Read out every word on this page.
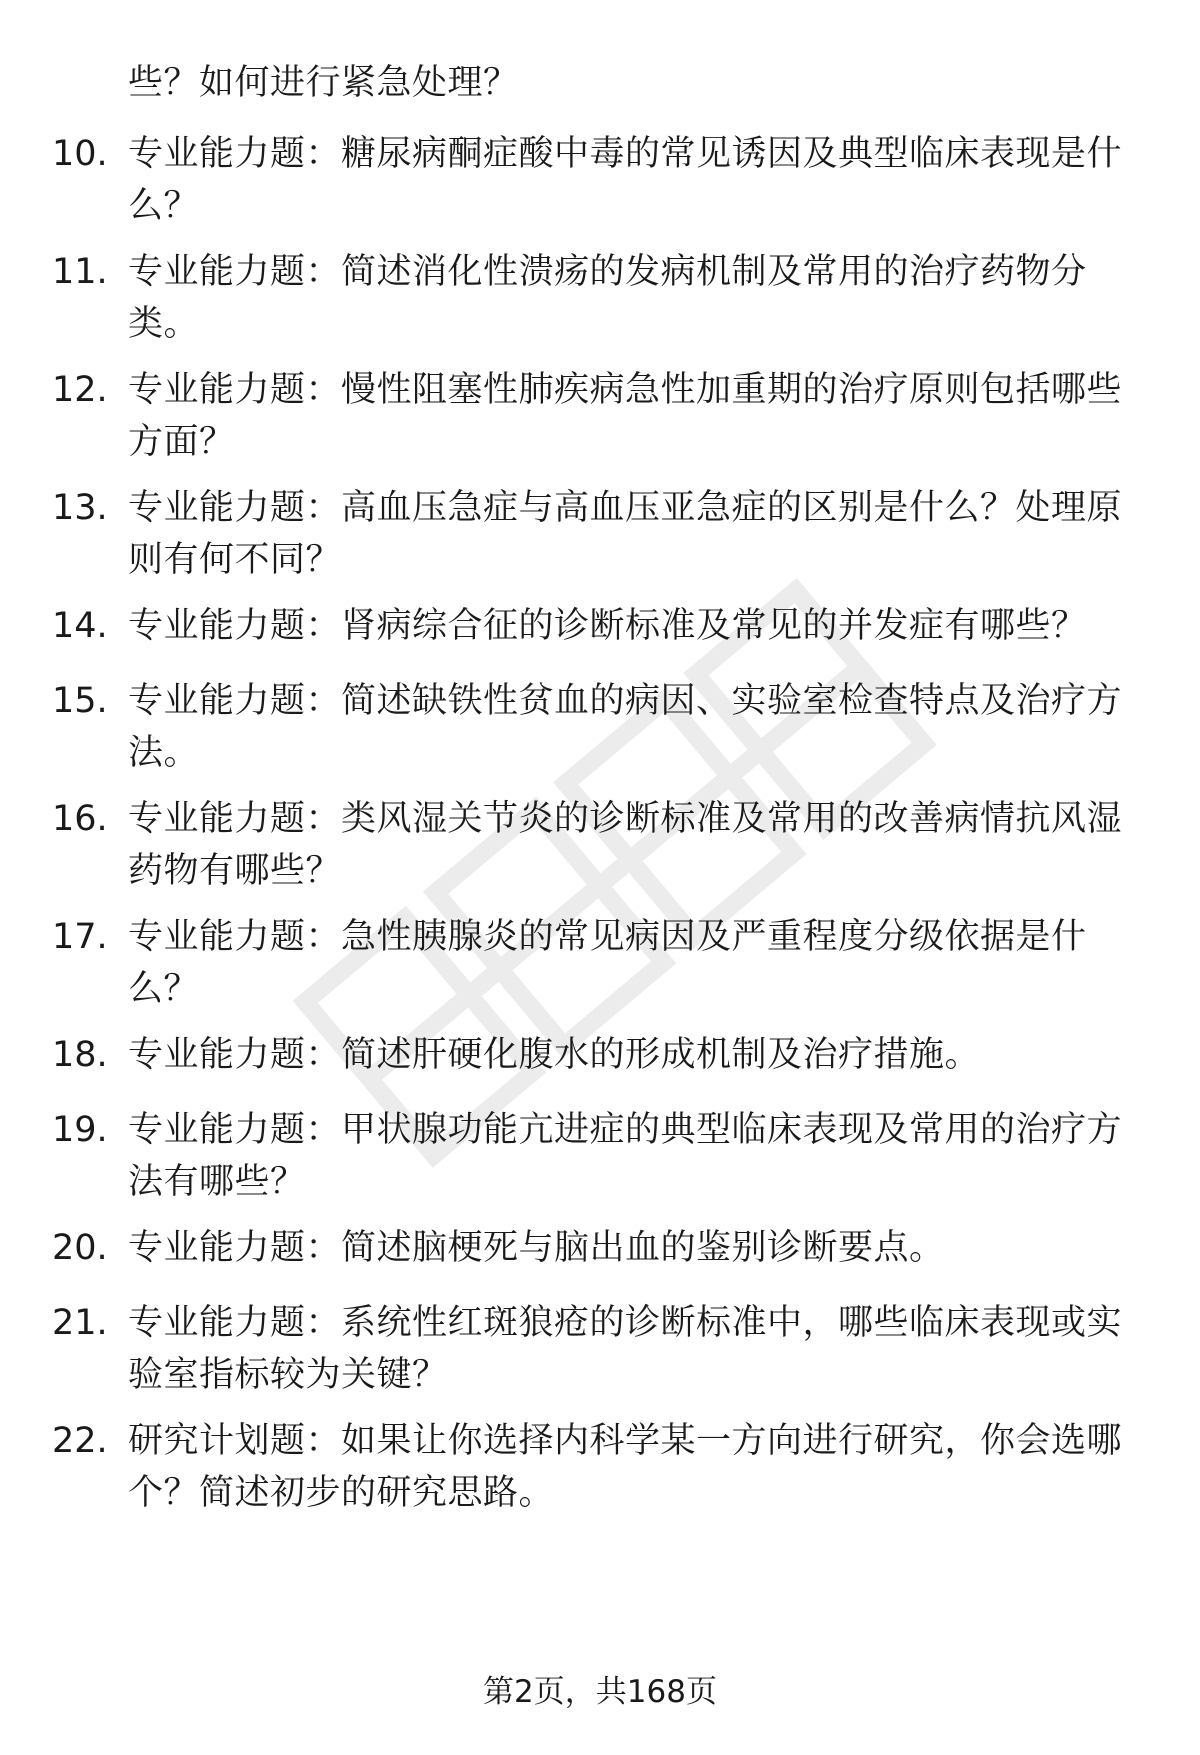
些？如何进行紧急处理？
10. 专业能力题：糖尿病酮症酸中毒的常见诱因及典型临床表现是什么？
11. 专业能力题：简述消化性溃疡的发病机制及常用的治疗药物分类。
12. 专业能力题：慢性阻塞性肺疾病急性加重期的治疗原则包括哪些方面？
13. 专业能力题：高血压急症与高血压亚急症的区别是什么？处理原则有何不同？
14. 专业能力题：肾病综合征的诊断标准及常见的并发症有哪些？
15. 专业能力题：简述缺铁性贫血的病因、实验室检查特点及治疗方法。
16. 专业能力题：类风湿关节炎的诊断标准及常用的改善病情抗风湿药物有哪些？
17. 专业能力题：急性胰腺炎的常见病因及严重程度分级依据是什么？
18. 专业能力题：简述肝硬化腹水的形成机制及治疗措施。
19. 专业能力题：甲状腺功能亢进症的典型临床表现及常用的治疗方法有哪些？
20. 专业能力题：简述脑梗死与脑出血的鉴别诊断要点。
21. 专业能力题：系统性红斑狼疮的诊断标准中，哪些临床表现或实验室指标较为关键？
22. 研究计划题：如果让你选择内科学某一方向进行研究，你会选哪个？简述初步的研究思路。
第2页，共168页
